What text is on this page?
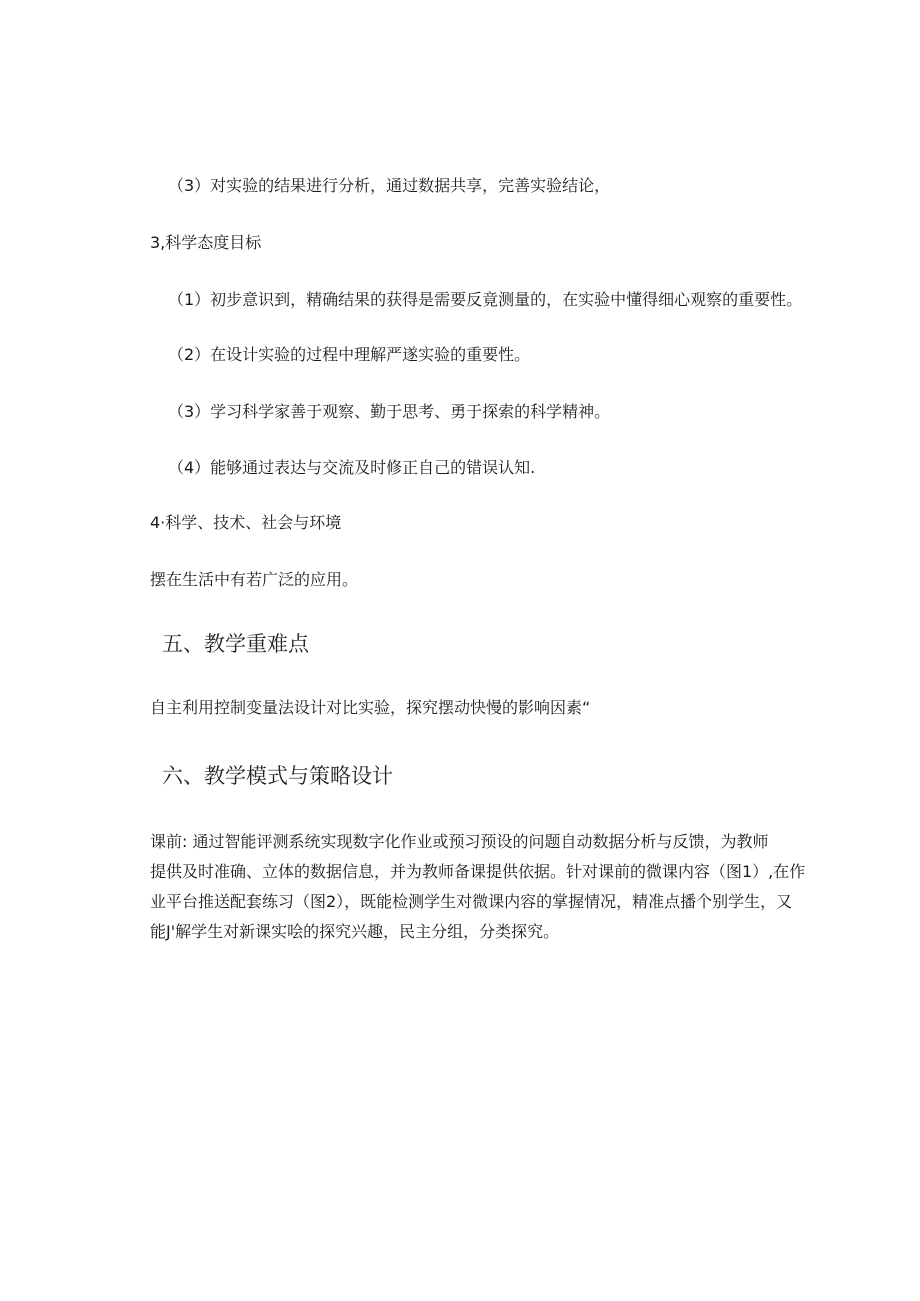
（3）对实验的结果进行分析，通过数据共享，完善实验结论，

3,科学态度目标

（1）初步意识到，精确结果的获得是需要反竟测量的，在实验中懂得细心观察的重要性。

（2）在设计实验的过程中理解严遂实验的重要性。

（3）学习科学家善于观察、勤于思考、勇于探索的科学精神。

（4）能够通过表达与交流及时修正自己的错误认知.

4·科学、技术、社会与环境

摆在生活中有若广泛的应用。

五、教学重难点

自主利用控制变量法设计对比实验，探究摆动快慢的影响因素“

六、教学模式与策略设计
课前: 通过智能评测系统实现数字化作业或预习预设的问题自动数据分析与反馈，为教师
提供及时准确、立体的数据信息，并为教师备课提供依据。针对课前的微课内容（图1）,在作
业平台推送配套练习（图2），既能检测学生对微课内容的掌握情况，精准点播个别学生，又
能J'解学生对新课实哙的探究兴趣，民主分组，分类探究。
